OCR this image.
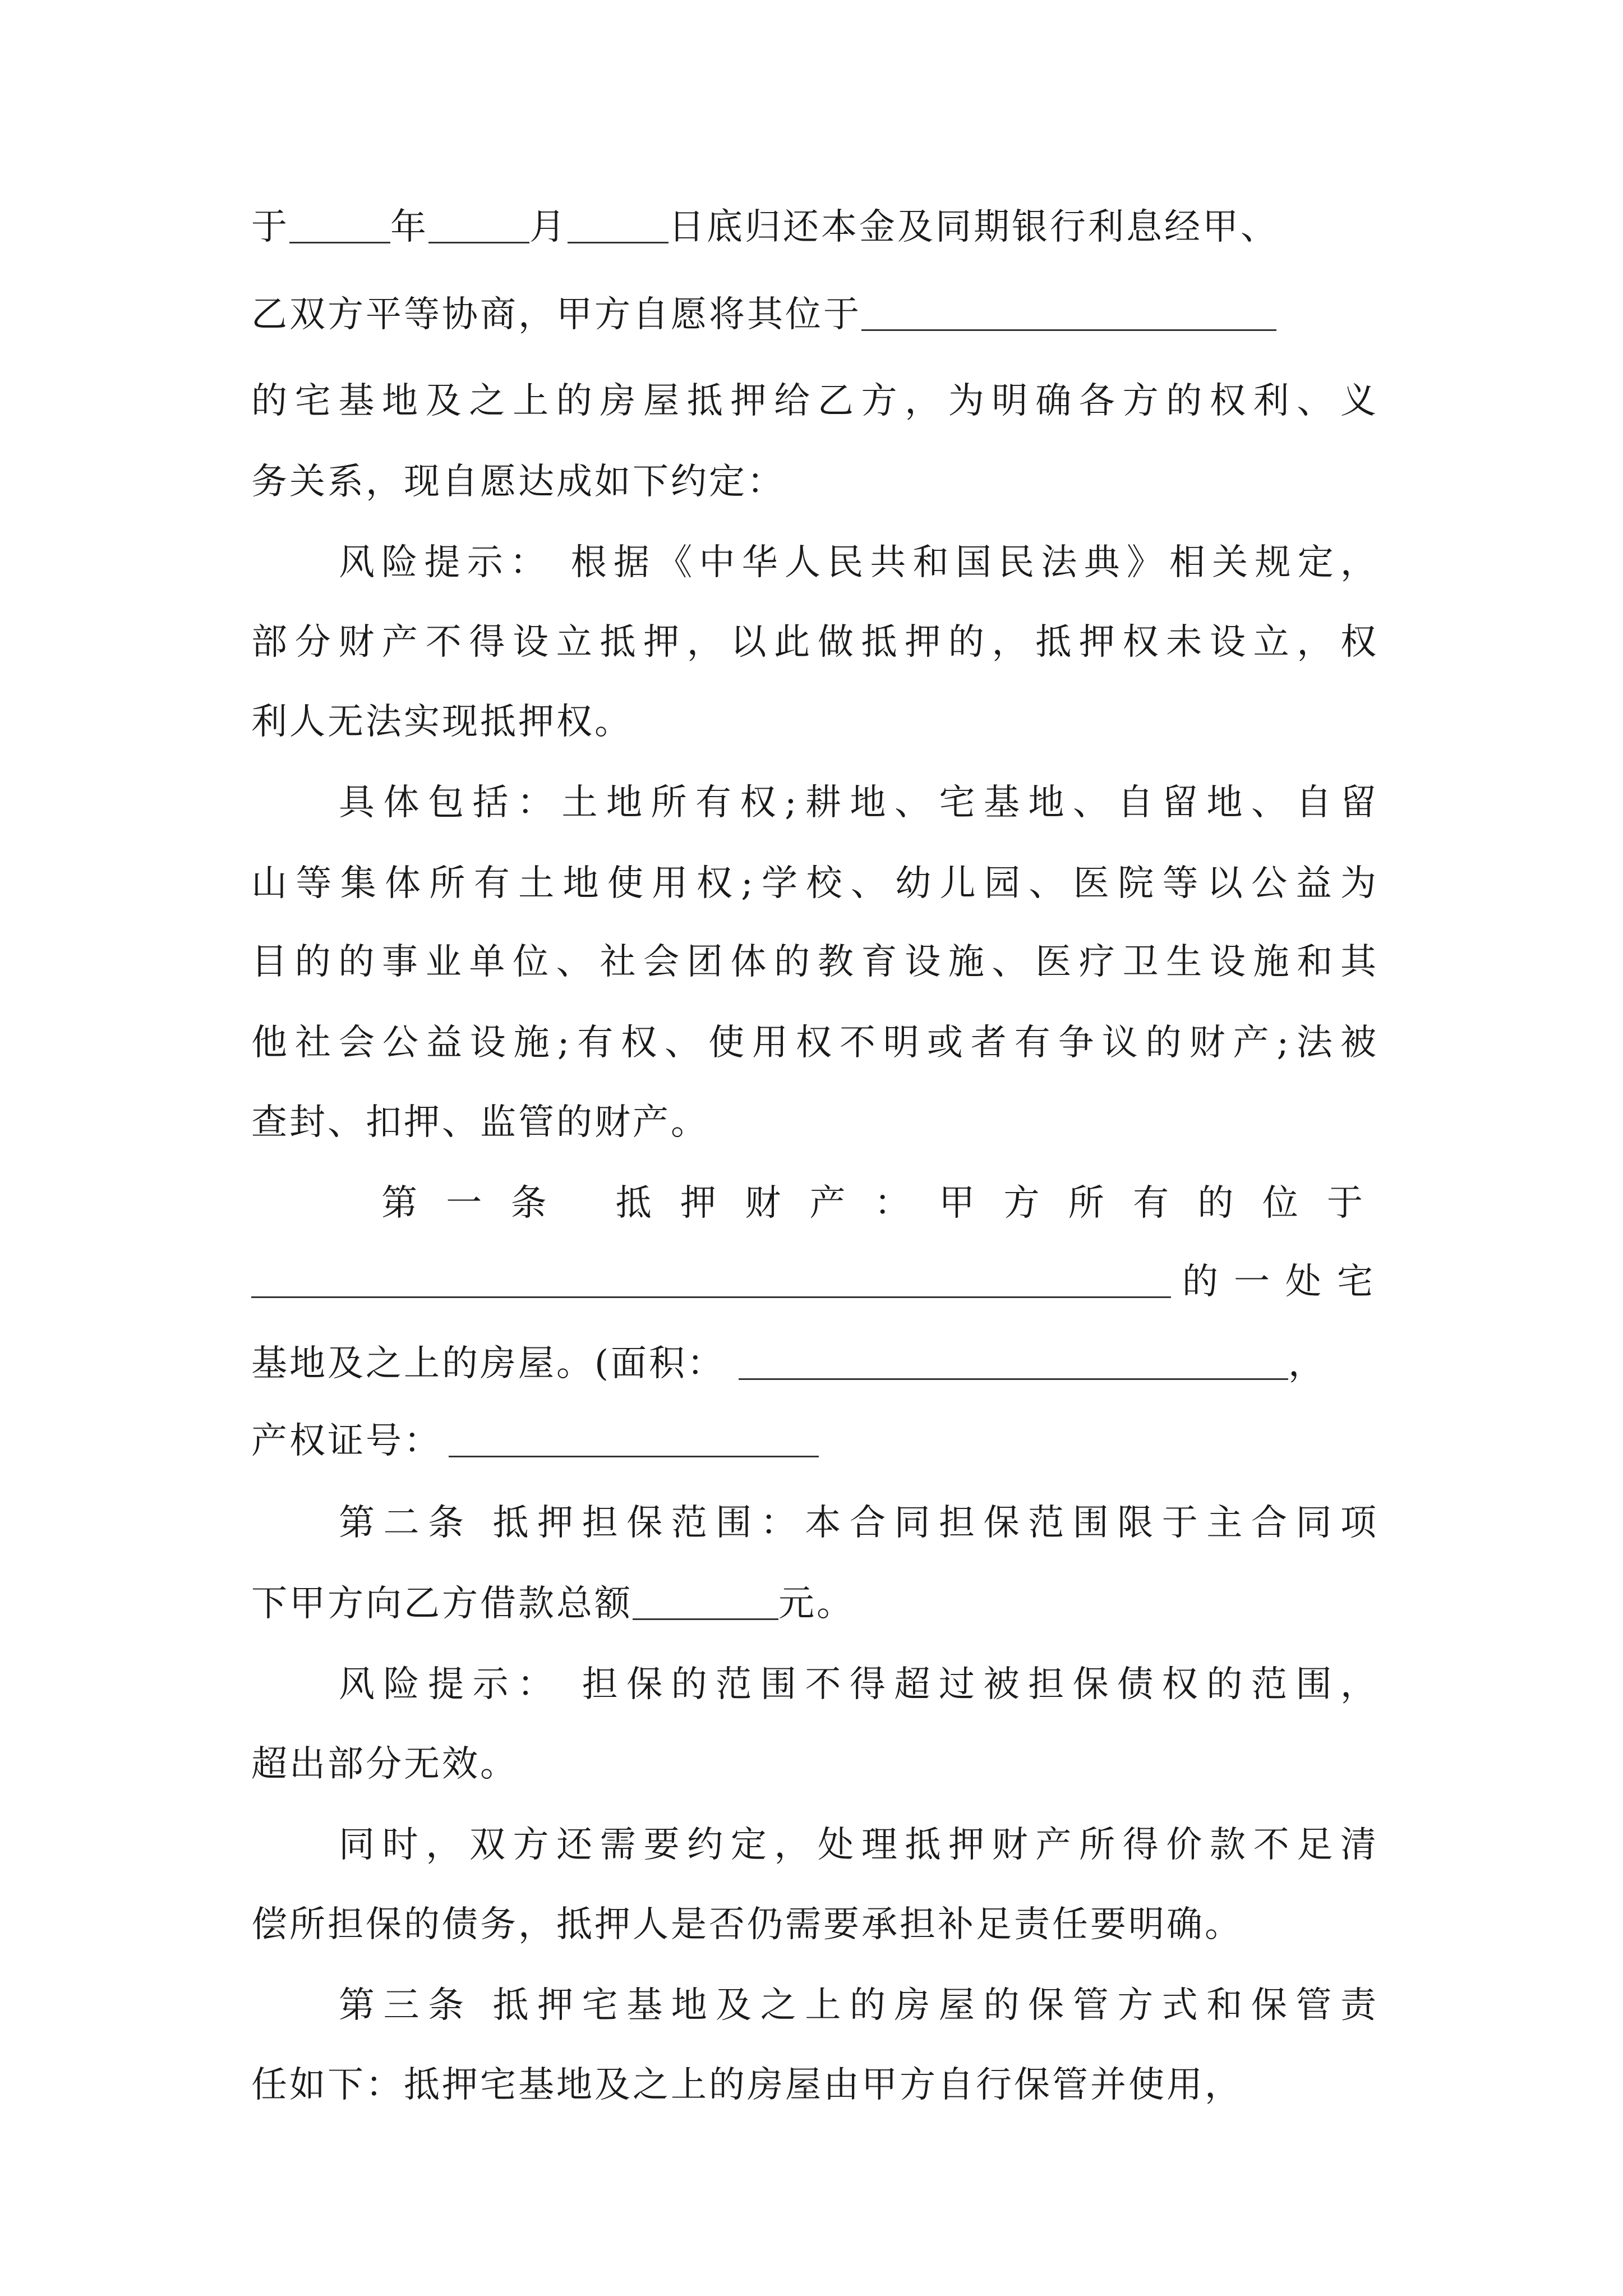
于	年	月	日底归还本金及同期银行利息经甲、
乙双方平等协商，甲方自愿将其位于
的宅基地及之上的房屋抵押给乙方，为明确各方的权利、义
务关系，现自愿达成如下约定：
风险提示： 根据《中华人民共和国民法典》相关规定，
部分财产不得设立抵押，以此做抵押的，抵押权未设立，权
利人无法实现抵押权。
具体包括：土地所有权;耕地、宅基地、自留地、自留
山等集体所有土地使用权;学校、幼儿园、医院等以公益为
目的的事业单位、社会团体的教育设施、医疗卫生设施和其
他社会公益设施;有权、使用权不明或者有争议的财产;法被
查封、扣押、监管的财产。
第一条 抵押财产：甲方所有的位于
的一处宅
基地及之上的房屋。(面积：	，
产权证号：
第二条 抵押担保范围：本合同担保范围限于主合同项
下甲方向乙方借款总额	元。
风险提示： 担保的范围不得超过被担保债权的范围，
超出部分无效。
同时，双方还需要约定，处理抵押财产所得价款不足清
偿所担保的债务，抵押人是否仍需要承担补足责任要明确。
第三条 抵押宅基地及之上的房屋的保管方式和保管责
任如下：抵押宅基地及之上的房屋由甲方自行保管并使用，
